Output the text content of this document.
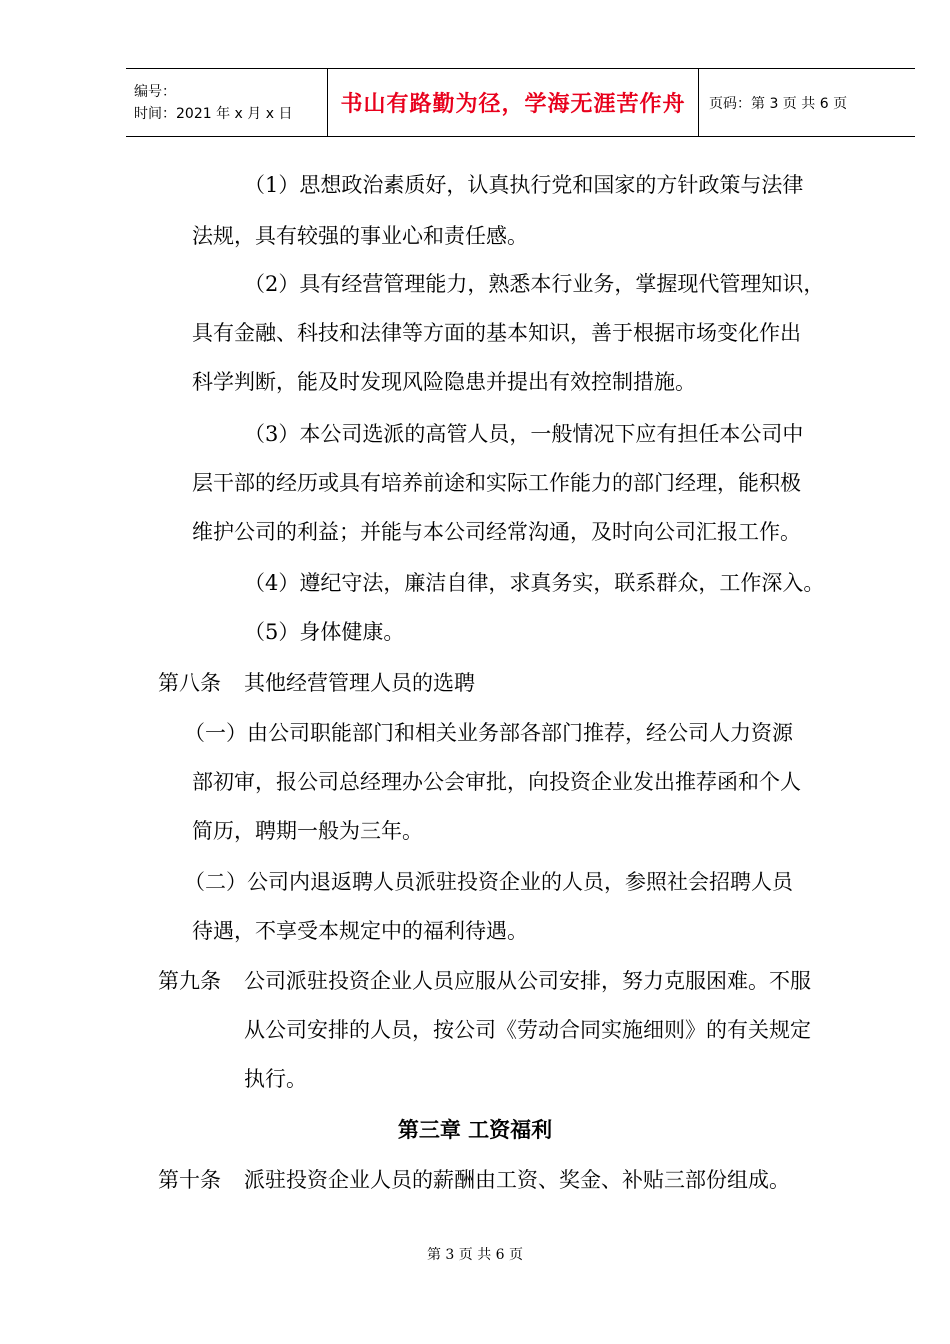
编号：
时间：2021 年 x 月 x 日	书山有路勤为径，学海无涯苦作舟 页码：第 3 页 共 6 页
（1）思想政治素质好，认真执行党和国家的方针政策与法律
法规，具有较强的事业心和责任感。
（2）具有经营管理能力，熟悉本行业务，掌握现代管理知识，
具有金融、科技和法律等方面的基本知识，善于根据市场变化作出
科学判断，能及时发现风险隐患并提出有效控制措施。
（3）本公司选派的高管人员，一般情况下应有担任本公司中
层干部的经历或具有培养前途和实际工作能力的部门经理，能积极
维护公司的利益；并能与本公司经常沟通，及时向公司汇报工作。
（4）遵纪守法，廉洁自律，求真务实，联系群众，工作深入。
（5）身体健康。
第八条 其他经营管理人员的选聘
（一）由公司职能部门和相关业务部各部门推荐，经公司人力资源
部初审，报公司总经理办公会审批，向投资企业发出推荐函和个人
简历，聘期一般为三年。
（二）公司内退返聘人员派驻投资企业的人员，参照社会招聘人员
待遇，不享受本规定中的福利待遇。
第九条 公司派驻投资企业人员应服从公司安排，努力克服困难。不服
从公司安排的人员，按公司《劳动合同实施细则》的有关规定
执行。
第三章 工资福利
第十条 派驻投资企业人员的薪酬由工资、奖金、补贴三部份组成。
第 3 页 共 6 页
